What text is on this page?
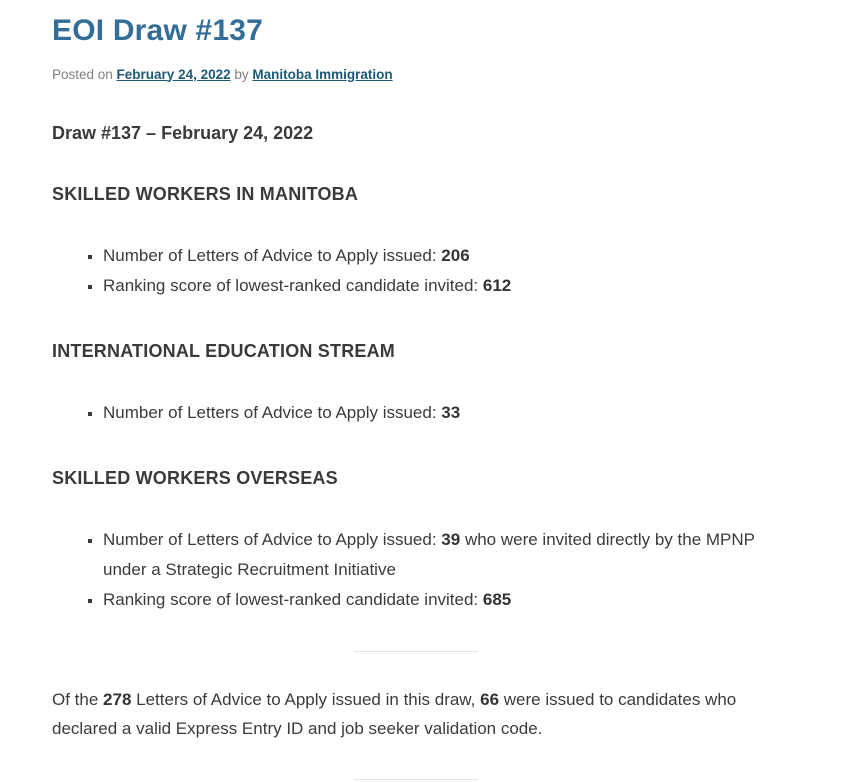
EOI Draw #137
Posted on February 24, 2022 by Manitoba Immigration
Draw #137 – February 24, 2022
SKILLED WORKERS IN MANITOBA
▪ Number of Letters of Advice to Apply issued: 206
▪ Ranking score of lowest-ranked candidate invited: 612
INTERNATIONAL EDUCATION STREAM
▪ Number of Letters of Advice to Apply issued: 33
SKILLED WORKERS OVERSEAS
▪ Number of Letters of Advice to Apply issued: 39 who were invited directly by the MPNP under a Strategic Recruitment Initiative
▪ Ranking score of lowest-ranked candidate invited: 685

Of the 278 Letters of Advice to Apply issued in this draw, 66 were issued to candidates who declared a valid Express Entry ID and job seeker validation code.
